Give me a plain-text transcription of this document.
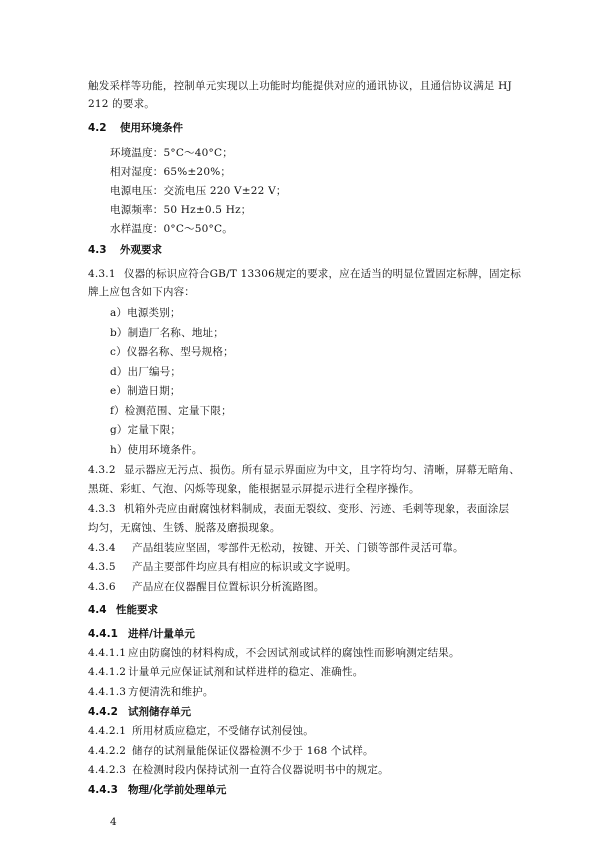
触发采样等功能，控制单元实现以上功能时均能提供对应的通讯协议，且通信协议满足 HJ
212 的要求。
4.2 使用环境条件
环境温度：5°C～40°C；
相对湿度：65%±20%；
电源电压：交流电压 220 V±22 V；
电源频率：50 Hz±0.5 Hz；
水样温度：0°C～50°C。
4.3 外观要求
4.3.1 仪器的标识应符合GB/T 13306规定的要求，应在适当的明显位置固定标牌，固定标
牌上应包含如下内容：
a）电源类别；
b）制造厂名称、地址；
c）仪器名称、型号规格；
d）出厂编号；
e）制造日期；
f）检测范围、定量下限；
g）定量下限；
h）使用环境条件。
4.3.2 显示器应无污点、损伤。所有显示界面应为中文，且字符均匀、清晰，屏幕无暗角、
黑斑、彩虹、气泡、闪烁等现象，能根据显示屏提示进行全程序操作。
4.3.3 机箱外壳应由耐腐蚀材料制成，表面无裂纹、变形、污迹、毛刺等现象，表面涂层
均匀，无腐蚀、生锈、脱落及磨损现象。
4.3.4 产品组装应坚固，零部件无松动，按键、开关、门锁等部件灵活可靠。
4.3.5 产品主要部件均应具有相应的标识或文字说明。
4.3.6 产品应在仪器醒目位置标识分析流路图。
4.4 性能要求
4.4.1 进样/计量单元
4.4.1.1 应由防腐蚀的材料构成，不会因试剂或试样的腐蚀性而影响测定结果。
4.4.1.2 计量单元应保证试剂和试样进样的稳定、准确性。
4.4.1.3 方便清洗和维护。
4.4.2 试剂储存单元
4.4.2.1 所用材质应稳定，不受储存试剂侵蚀。
4.4.2.2 储存的试剂量能保证仪器检测不少于 168 个试样。
4.4.2.3 在检测时段内保持试剂一直符合仪器说明书中的规定。
4.4.3 物理/化学前处理单元
4
